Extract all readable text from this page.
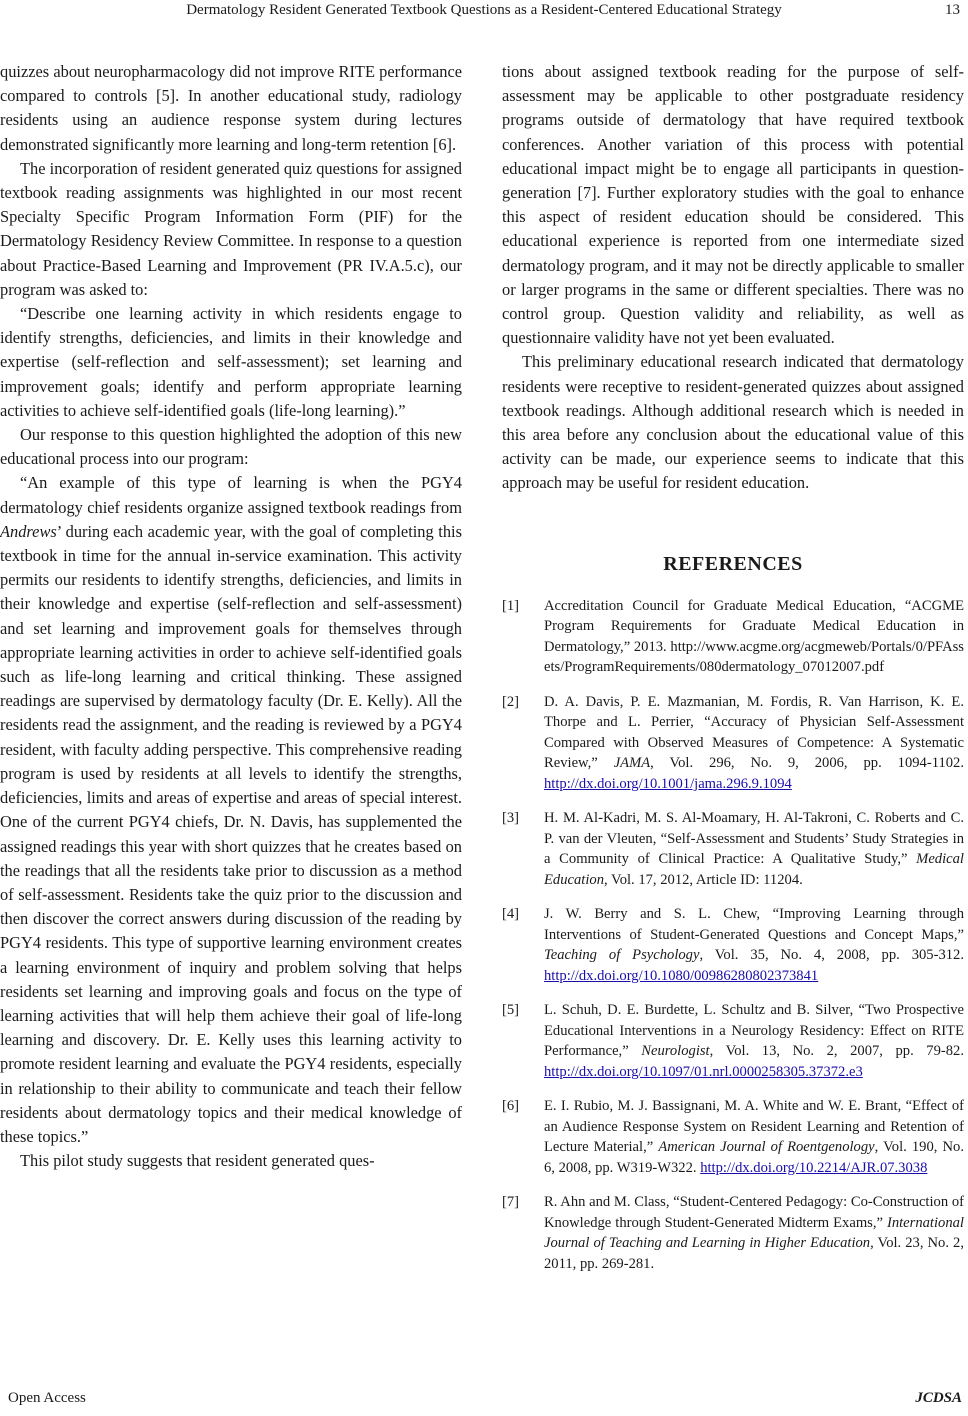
Dermatology Resident Generated Textbook Questions as a Resident-Centered Educational Strategy	13

quizzes about neuropharmacology did not improve RITE performance compared to controls [5]. In another educational study, radiology residents using an audience response system during lectures demonstrated significantly more learning and long-term retention [6].

The incorporation of resident generated quiz questions for assigned textbook reading assignments was highlighted in our most recent Specialty Specific Program Information Form (PIF) for the Dermatology Residency Review Committee. In response to a question about Practice-Based Learning and Improvement (PR IV.A.5.c), our program was asked to:

“Describe one learning activity in which residents engage to identify strengths, deficiencies, and limits in their knowledge and expertise (self-reflection and self-assessment); set learning and improvement goals; identify and perform appropriate learning activities to achieve self-identified goals (life-long learning).”

Our response to this question highlighted the adoption of this new educational process into our program:

“An example of this type of learning is when the PGY4 dermatology chief residents organize assigned textbook readings from Andrews’ during each academic year, with the goal of completing this textbook in time for the annual in-service examination. This activity permits our residents to identify strengths, deficiencies, and limits in their knowledge and expertise (self-reflection and self-assessment) and set learning and improvement goals for themselves through appropriate learning activities in order to achieve self-identified goals such as life-long learning and critical thinking. These assigned readings are supervised by dermatology faculty (Dr. E. Kelly). All the residents read the assignment, and the reading is reviewed by a PGY4 resident, with faculty adding perspective. This comprehensive reading program is used by residents at all levels to identify the strengths, deficiencies, limits and areas of expertise and areas of special interest. One of the current PGY4 chiefs, Dr. N. Davis, has supplemented the assigned readings this year with short quizzes that he creates based on the readings that all the residents take prior to discussion as a method of self-assessment. Residents take the quiz prior to the discussion and then discover the correct answers during discussion of the reading by PGY4 residents. This type of supportive learning environment creates a learning environment of inquiry and problem solving that helps residents set learning and improving goals and focus on the type of learning activities that will help them achieve their goal of life-long learning and discovery. Dr. E. Kelly uses this learning activity to promote resident learning and evaluate the PGY4 residents, especially in relationship to their ability to communicate and teach their fellow residents about dermatology topics and their medical knowledge of these topics.”

This pilot study suggests that resident generated ques-

tions about assigned textbook reading for the purpose of self-assessment may be applicable to other postgraduate residency programs outside of dermatology that have required textbook conferences. Another variation of this process with potential educational impact might be to engage all participants in question-generation [7]. Further exploratory studies with the goal to enhance this aspect of resident education should be considered. This educational experience is reported from one intermediate sized dermatology program, and it may not be directly applicable to smaller or larger programs in the same or different specialties. There was no control group. Question validity and reliability, as well as questionnaire validity have not yet been evaluated.

This preliminary educational research indicated that dermatology residents were receptive to resident-generated quizzes about assigned textbook readings. Although additional research which is needed in this area before any conclusion about the educational value of this activity can be made, our experience seems to indicate that this approach may be useful for resident education.

REFERENCES
[1] Accreditation Council for Graduate Medical Education, “ACGME Program Requirements for Graduate Medical Education in Dermatology,” 2013. http://www.acgme.org/acgmeweb/Portals/0/PFAssets/ProgramRequirements/080dermatology_07012007.pdf
[2] D. A. Davis, P. E. Mazmanian, M. Fordis, R. Van Harrison, K. E. Thorpe and L. Perrier, “Accuracy of Physician Self-Assessment Compared with Observed Measures of Competence: A Systematic Review,” JAMA, Vol. 296, No. 9, 2006, pp. 1094-1102. http://dx.doi.org/10.1001/jama.296.9.1094
[3] H. M. Al-Kadri, M. S. Al-Moamary, H. Al-Takroni, C. Roberts and C. P. van der Vleuten, “Self-Assessment and Students’ Study Strategies in a Community of Clinical Practice: A Qualitative Study,” Medical Education, Vol. 17, 2012, Article ID: 11204.
[4] J. W. Berry and S. L. Chew, “Improving Learning through Interventions of Student-Generated Questions and Concept Maps,” Teaching of Psychology, Vol. 35, No. 4, 2008, pp. 305-312. http://dx.doi.org/10.1080/00986280802373841
[5] L. Schuh, D. E. Burdette, L. Schultz and B. Silver, “Two Prospective Educational Interventions in a Neurology Residency: Effect on RITE Performance,” Neurologist, Vol. 13, No. 2, 2007, pp. 79-82. http://dx.doi.org/10.1097/01.nrl.0000258305.37372.e3
[6] E. I. Rubio, M. J. Bassignani, M. A. White and W. E. Brant, “Effect of an Audience Response System on Resident Learning and Retention of Lecture Material,” American Journal of Roentgenology, Vol. 190, No. 6, 2008, pp. W319-W322. http://dx.doi.org/10.2214/AJR.07.3038
[7] R. Ahn and M. Class, “Student-Centered Pedagogy: Co-Construction of Knowledge through Student-Generated Midterm Exams,” International Journal of Teaching and Learning in Higher Education, Vol. 23, No. 2, 2011, pp. 269-281.
Open Access	JCDSA
